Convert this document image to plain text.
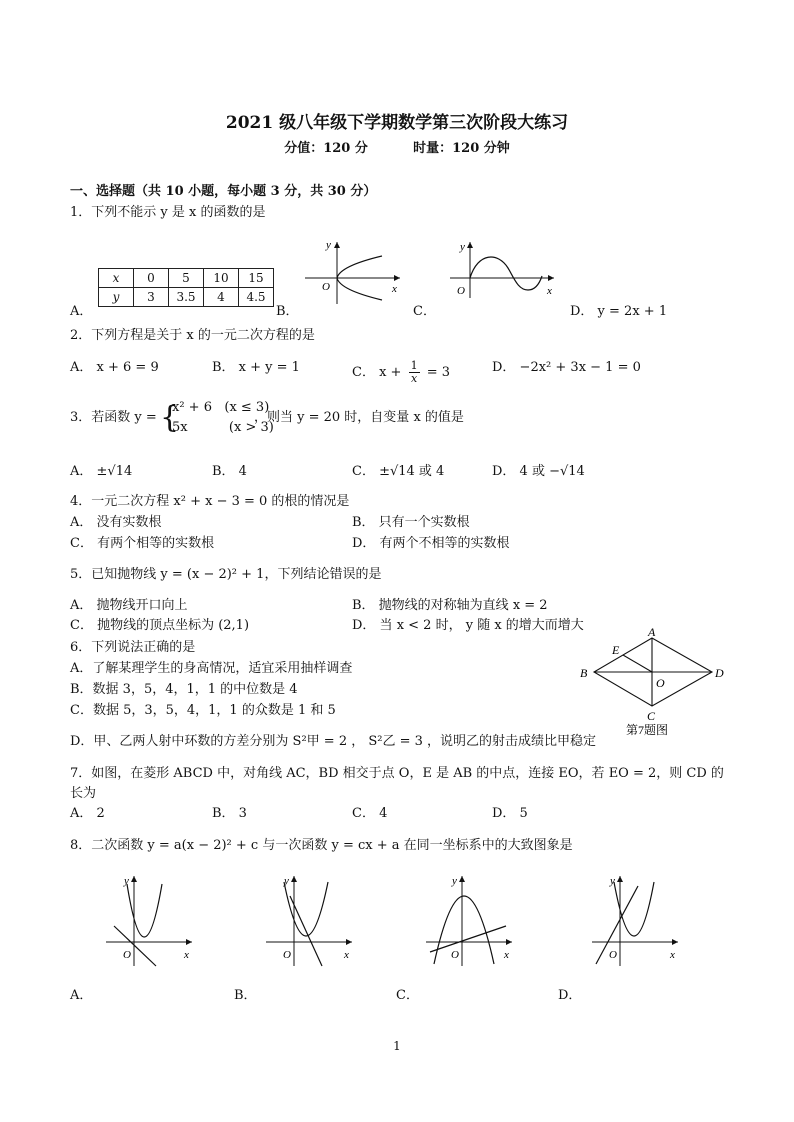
2021 级八年级下学期数学第三次阶段大练习
分值：120 分          时量：120 分钟
一、选择题（共 10 小题，每小题 3 分，共 30 分）
1．下列不能示 y 是 x 的函数的是
x	0	5	10	15
y	3	3.5	4	4.5
A．	B．	C．	D． y = 2x + 1
y
x
O
y
x
O
2．下列方程是关于 x 的一元二次方程的是
A． x + 6 = 9	B． x + y = 1	C． $x + \frac{1}{x} = 3$	D． −2x² + 3x − 1 = 0
3．若函数 y = {
x² + 6   (x ≤ 3)
5x          (x > 3)
，则当 y = 20 时，自变量 x 的值是
A． ±√14	B． 4	C． ±√14 或 4	D． 4 或 −√14
4．一元二次方程 x² + x − 3 = 0 的根的情况是
A． 没有实数根	B． 只有一个实数根
C． 有两个相等的实数根	D． 有两个不相等的实数根
5．已知抛物线 y = (x − 2)² + 1，下列结论错误的是
A． 抛物线开口向上	B． 抛物线的对称轴为直线 x = 2
C． 抛物线的顶点坐标为 (2,1)	D． 当 x < 2 时， y 随 x 的增大而增大
6．下列说法正确的是
A．了解某理学生的身高情况，适宜采用抽样调查
B．数据 3，5，4，1，1 的中位数是 4
C．数据 5，3，5，4，1，1 的众数是 1 和 5
D．甲、乙两人射中环数的方差分别为 S²甲 = 2 ， S²乙 = 3 ，说明乙的射击成绩比甲稳定
A
B
C
D
E
O
第7题图
7．如图，在菱形 ABCD 中，对角线 AC，BD 相交于点 O，E 是 AB 的中点，连接 EO，若 EO = 2，则 CD 的
长为
A． 2	B． 3	C． 4	D． 5
8．二次函数 y = a(x − 2)² + c 与一次函数 y = cx + a 在同一坐标系中的大致图象是
y
x
O
y
x
O
y
x
O
y
x
O
A．	B．	C．	D．
1
